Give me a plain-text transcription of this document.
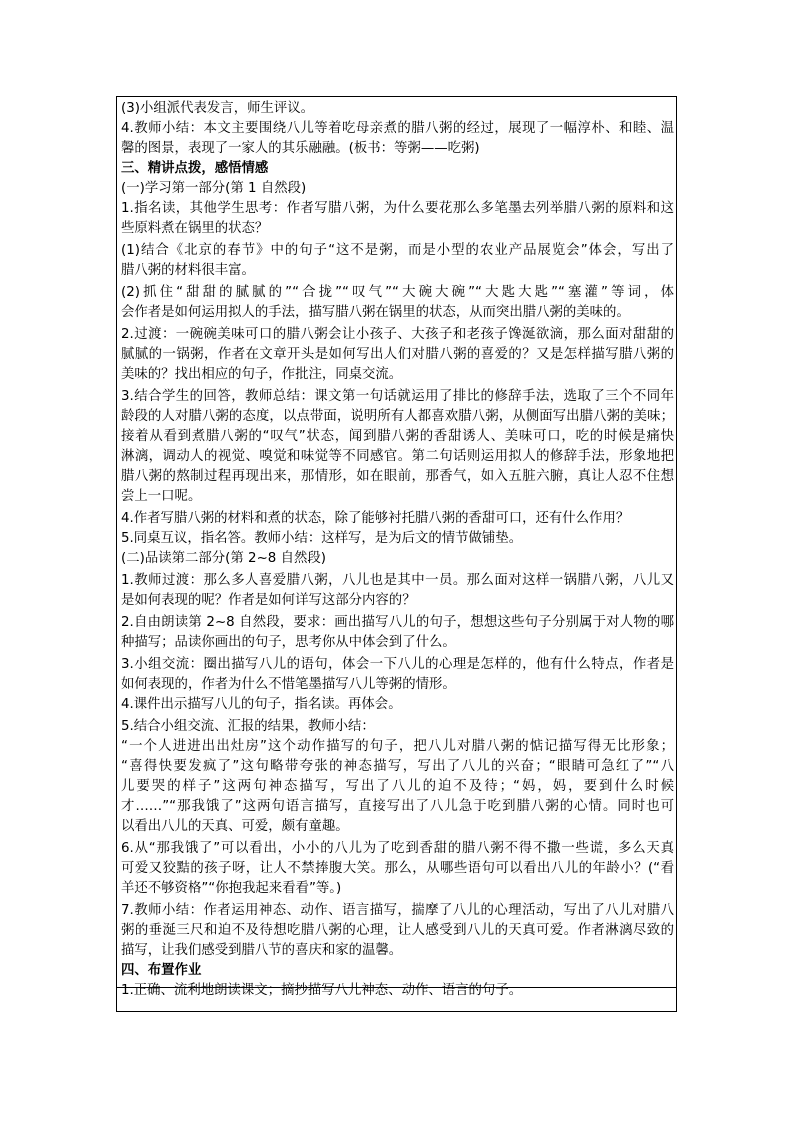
(3)小组派代表发言，师生评议。
4.教师小结：本文主要围绕八儿等着吃母亲煮的腊八粥的经过，展现了一幅淳朴、和睦、温
馨的图景，表现了一家人的其乐融融。(板书：等粥——吃粥)
三、精讲点拨，感悟情感
(一)学习第一部分(第 1 自然段)
1.指名读，其他学生思考：作者写腊八粥，为什么要花那么多笔墨去列举腊八粥的原料和这
些原料煮在锅里的状态？
(1)结合《北京的春节》中的句子“这不是粥，而是小型的农业产品展览会”体会，写出了
腊八粥的材料很丰富。
(2)抓住“甜甜的腻腻的”“合拢”“叹气”“大碗大碗”“大匙大匙”“塞灌”等词，体
会作者是如何运用拟人的手法，描写腊八粥在锅里的状态，从而突出腊八粥的美味的。
2.过渡：一碗碗美味可口的腊八粥会让小孩子、大孩子和老孩子馋涎欲滴，那么面对甜甜的
腻腻的一锅粥，作者在文章开头是如何写出人们对腊八粥的喜爱的？又是怎样描写腊八粥的
美味的？找出相应的句子，作批注，同桌交流。
3.结合学生的回答，教师总结：课文第一句话就运用了排比的修辞手法，选取了三个不同年
龄段的人对腊八粥的态度，以点带面，说明所有人都喜欢腊八粥，从侧面写出腊八粥的美味；
接着从看到煮腊八粥的“叹气”状态，闻到腊八粥的香甜诱人、美味可口，吃的时候是痛快
淋漓，调动人的视觉、嗅觉和味觉等不同感官。第二句话则运用拟人的修辞手法，形象地把
腊八粥的熬制过程再现出来，那情形，如在眼前，那香气，如入五脏六腑，真让人忍不住想
尝上一口呢。
4.作者写腊八粥的材料和煮的状态，除了能够衬托腊八粥的香甜可口，还有什么作用？
5.同桌互议，指名答。教师小结：这样写，是为后文的情节做铺垫。
(二)品读第二部分(第 2~8 自然段)
1.教师过渡：那么多人喜爱腊八粥，八儿也是其中一员。那么面对这样一锅腊八粥，八儿又
是如何表现的呢？作者是如何详写这部分内容的？
2.自由朗读第 2~8 自然段，要求：画出描写八儿的句子，想想这些句子分别属于对人物的哪
种描写；品读你画出的句子，思考你从中体会到了什么。
3.小组交流：圈出描写八儿的语句，体会一下八儿的心理是怎样的，他有什么特点，作者是
如何表现的，作者为什么不惜笔墨描写八儿等粥的情形。
4.课件出示描写八儿的句子，指名读。再体会。
5.结合小组交流、汇报的结果，教师小结：
“一个人进进出出灶房”这个动作描写的句子，把八儿对腊八粥的惦记描写得无比形象；
“喜得快要发疯了”这句略带夸张的神态描写，写出了八儿的兴奋；“眼睛可急红了”“八
儿要哭的样子”这两句神态描写，写出了八儿的迫不及待；“妈，妈，要到什么时候
才……”“那我饿了”这两句语言描写，直接写出了八儿急于吃到腊八粥的心情。同时也可
以看出八儿的天真、可爱，颇有童趣。
6.从“那我饿了”可以看出，小小的八儿为了吃到香甜的腊八粥不得不撒一些谎，多么天真
可爱又狡黠的孩子呀，让人不禁捧腹大笑。那么，从哪些语句可以看出八儿的年龄小？(“看
羊还不够资格”“你抱我起来看看”等。)
7.教师小结：作者运用神态、动作、语言描写，揣摩了八儿的心理活动，写出了八儿对腊八
粥的垂涎三尺和迫不及待想吃腊八粥的心理，让人感受到八儿的天真可爱。作者淋漓尽致的
描写，让我们感受到腊八节的喜庆和家的温馨。
四、布置作业
1.正确、流利地朗读课文；摘抄描写八儿神态、动作、语言的句子。
